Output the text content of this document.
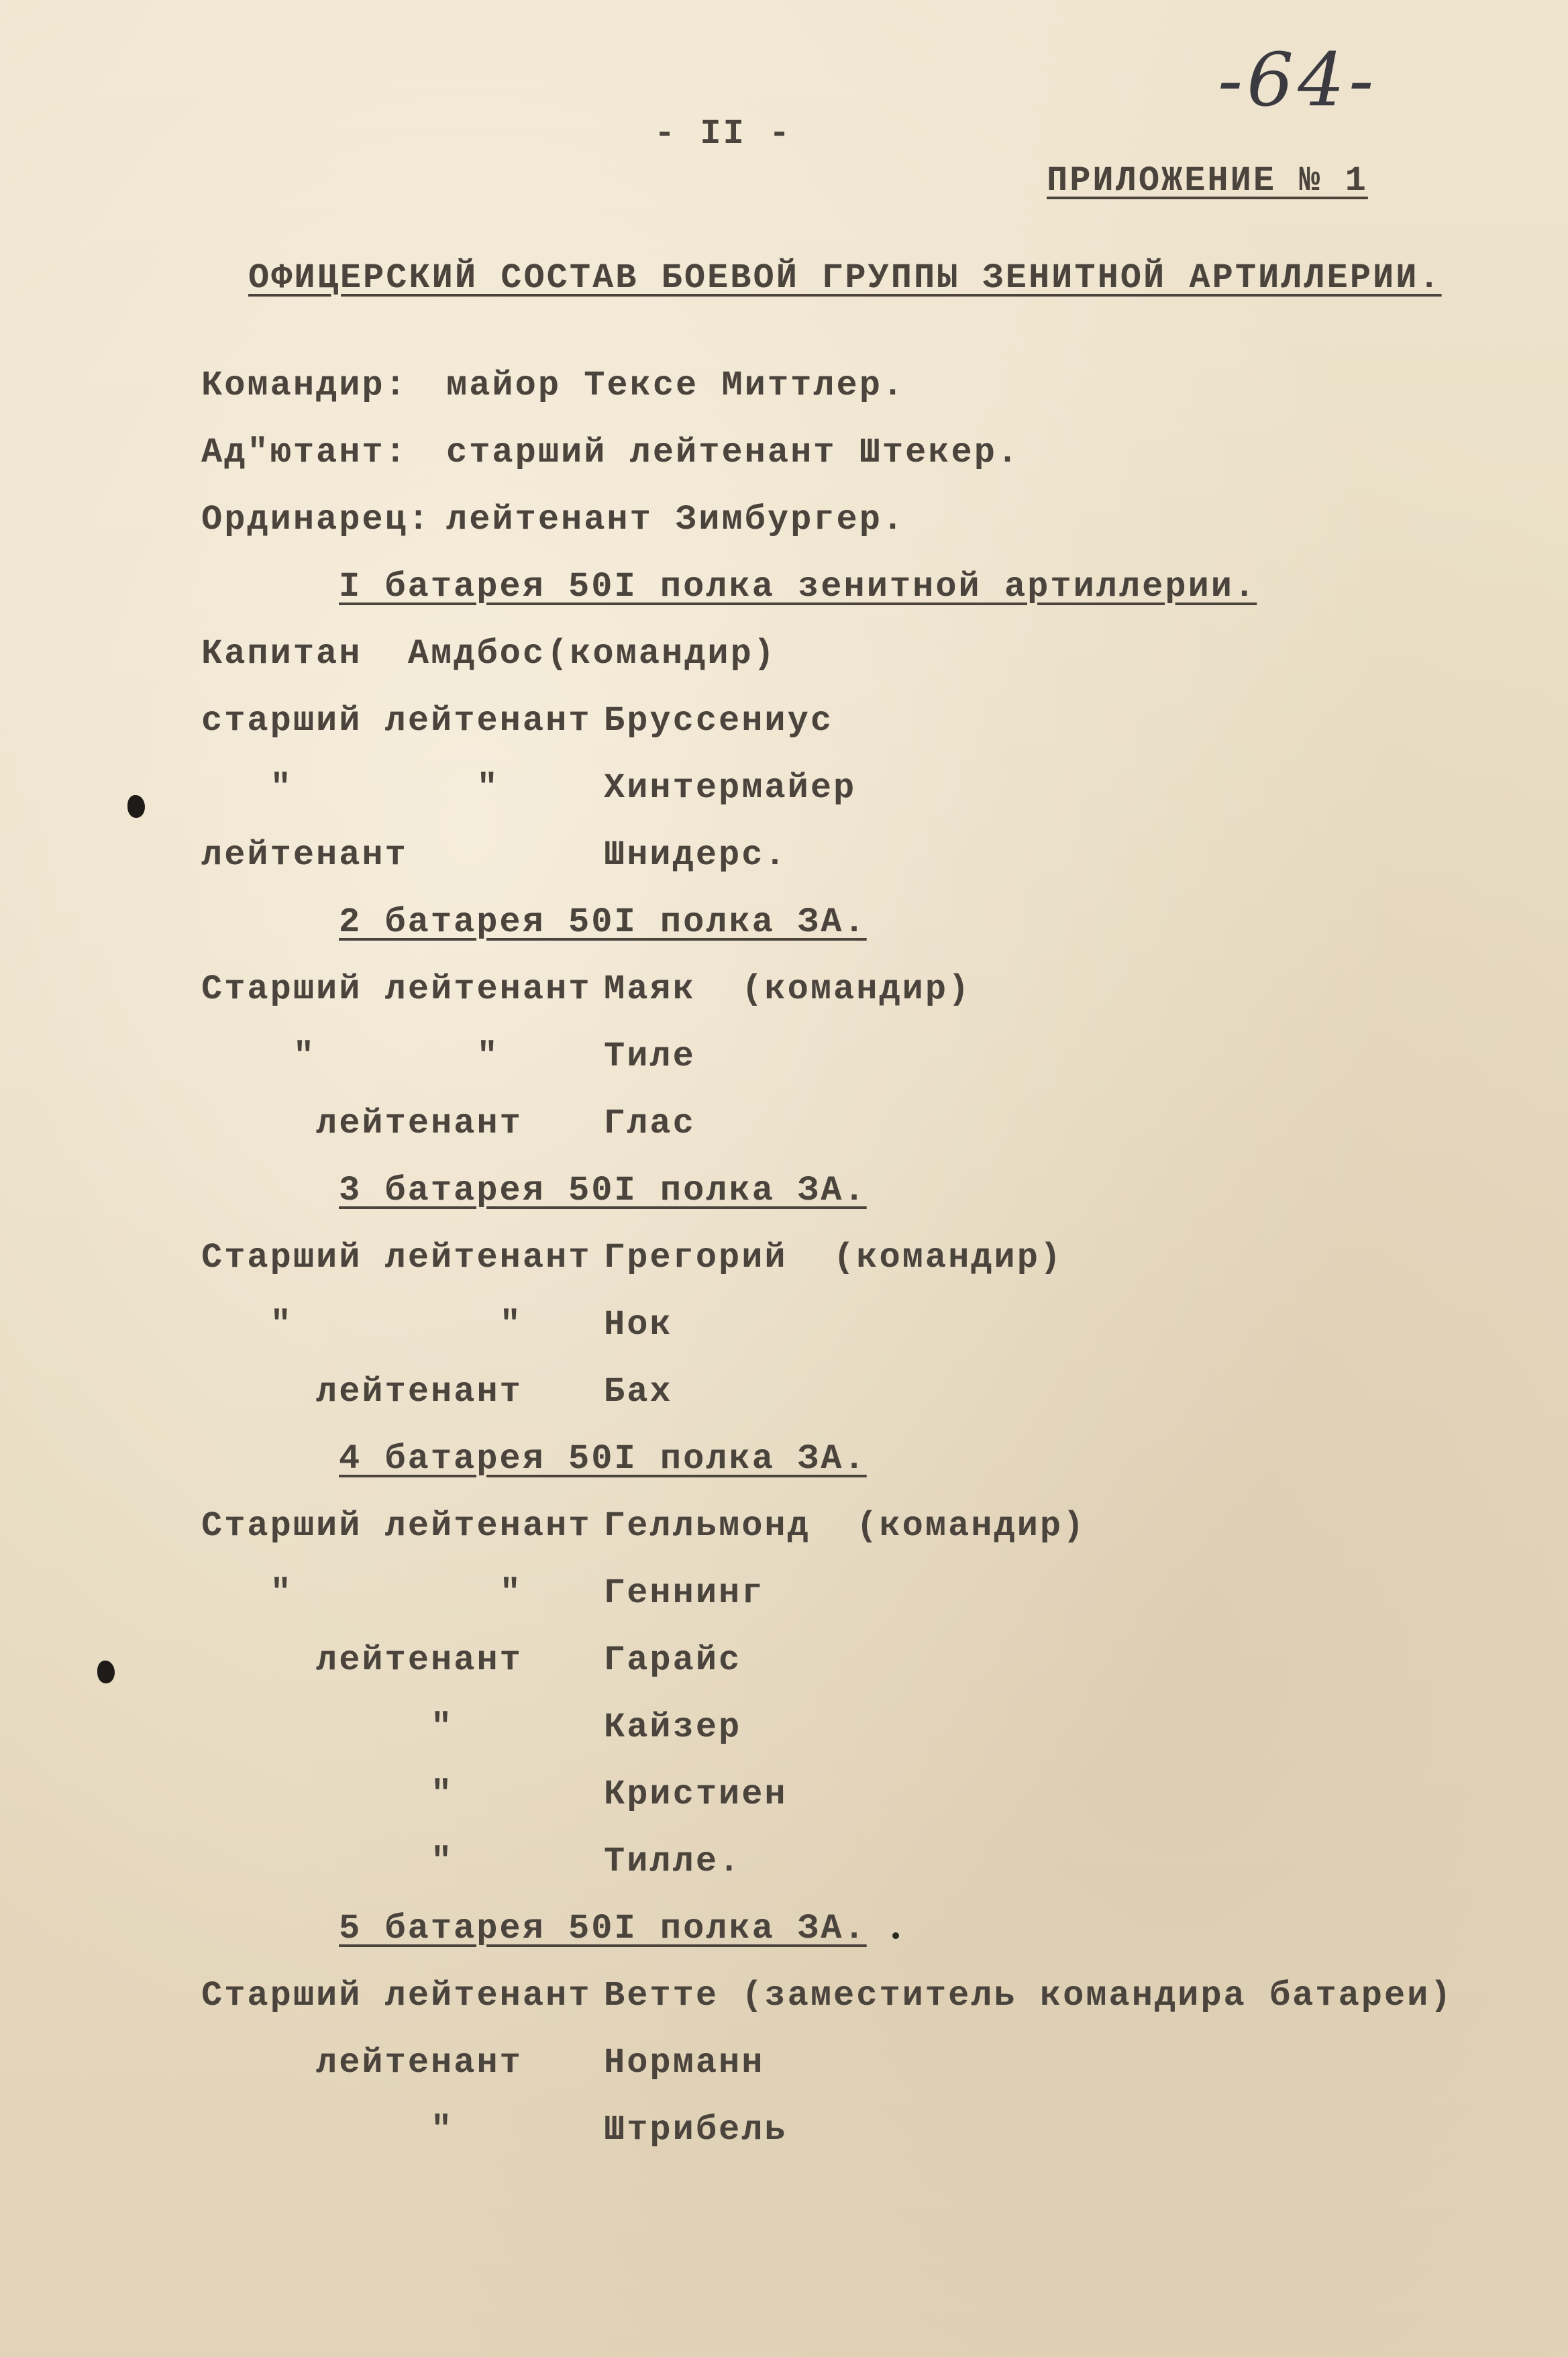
-64-
- II -
ПРИЛОЖЕНИЕ № 1
ОФИЦЕРСКИЙ СОСТАВ БОЕВОЙ ГРУППЫ ЗЕНИТНОЙ АРТИЛЛЕРИИ.
Командир: майор Тексе Миттлер.
Ад"ютант: старший лейтенант Штекер.
Ординарец: лейтенант Зимбургер.
I батарея 50I полка зенитной артиллерии.
Капитан  Амдбос (командир)
старший лейтенант Бруссениус
"        "	Хинтермайер
лейтенант	Шнидерс.
2 батарея 50I полка ЗА.
Старший лейтенант Маяк  (командир)
"       "	Тиле
лейтенант Глас
3 батарея 50I полка ЗА.
Старший лейтенант Грегорий  (командир)
"         " Нок
лейтенант Бах
4 батарея 50I полка ЗА.
Старший лейтенант Гелльмонд  (командир)
"         " Геннинг
лейтенант Гарайс
"	Кайзер
"	Кристиен
"	Тилле.
5 батарея 50I полка ЗА.
Старший лейтенант Ветте (заместитель командира батареи)
лейтенант Норманн
"	Штрибель
